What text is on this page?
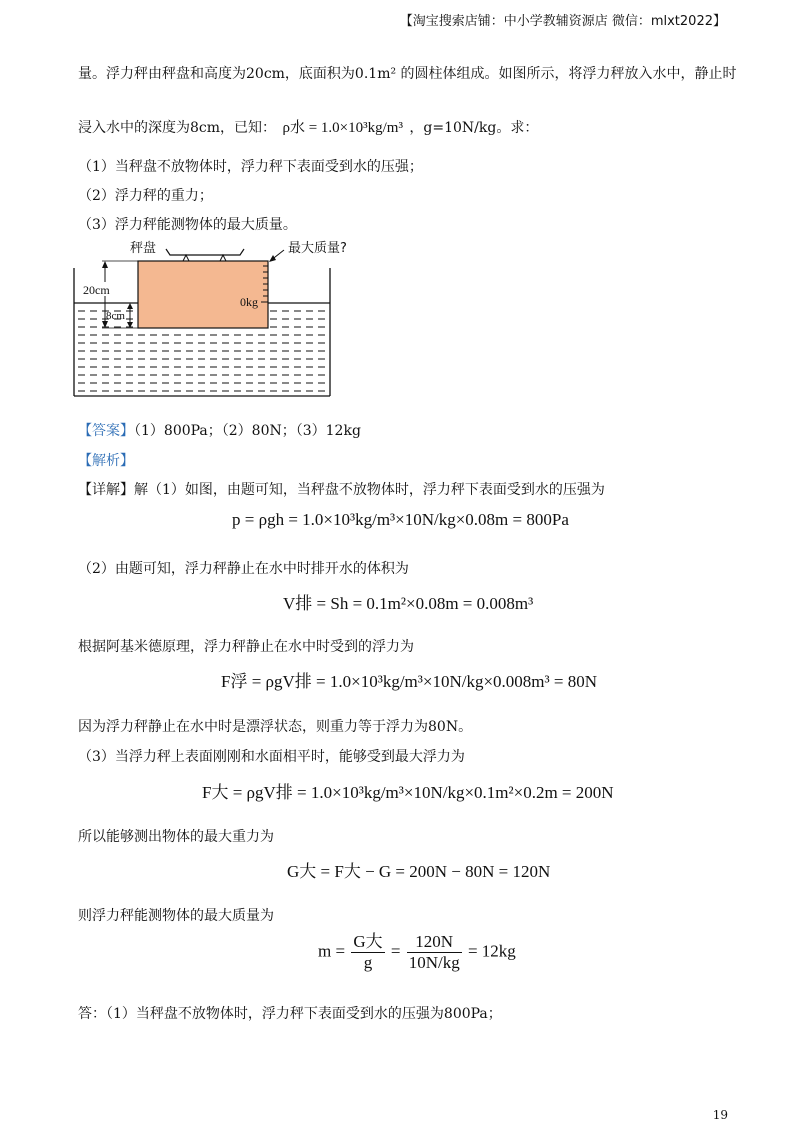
【淘宝搜索店铺：中小学教辅资源店 微信：mlxt2022】
量。浮力秤由秤盘和高度为20cm，底面积为0.1m² 的圆柱体组成。如图所示，将浮力秤放入水中，静止时
浸入水中的深度为8cm，已知： ρ水 = 1.0×10³kg/m³ ，g=10N/kg。求：
（1）当秤盘不放物体时，浮力秤下表面受到水的压强；
（2）浮力秤的重力；
（3）浮力秤能测物体的最大质量。
秤盘	最大质量?
20cm
8cm
0kg
【答案】（1）800Pa；（2）80N；（3）12kg
【解析】
【详解】解（1）如图，由题可知，当秤盘不放物体时，浮力秤下表面受到水的压强为
p = ρgh = 1.0×10³kg/m³×10N/kg×0.08m = 800Pa
（2）由题可知，浮力秤静止在水中时排开水的体积为
V排 = Sh = 0.1m²×0.08m = 0.008m³
根据阿基米德原理，浮力秤静止在水中时受到的浮力为
F浮 = ρgV排 = 1.0×10³kg/m³×10N/kg×0.008m³ = 80N
因为浮力秤静止在水中时是漂浮状态，则重力等于浮力为80N。
（3）当浮力秤上表面刚刚和水面相平时，能够受到最大浮力为
F大 = ρgV排 = 1.0×10³kg/m³×10N/kg×0.1m²×0.2m = 200N
所以能够测出物体的最大重力为
G大 = F大 − G = 200N − 80N = 120N
则浮力秤能测物体的最大质量为
$m = \frac{\text{G大}}{g} = \frac{120N}{10N/kg} = 12kg$
答：（1）当秤盘不放物体时，浮力秤下表面受到水的压强为800Pa；
19
